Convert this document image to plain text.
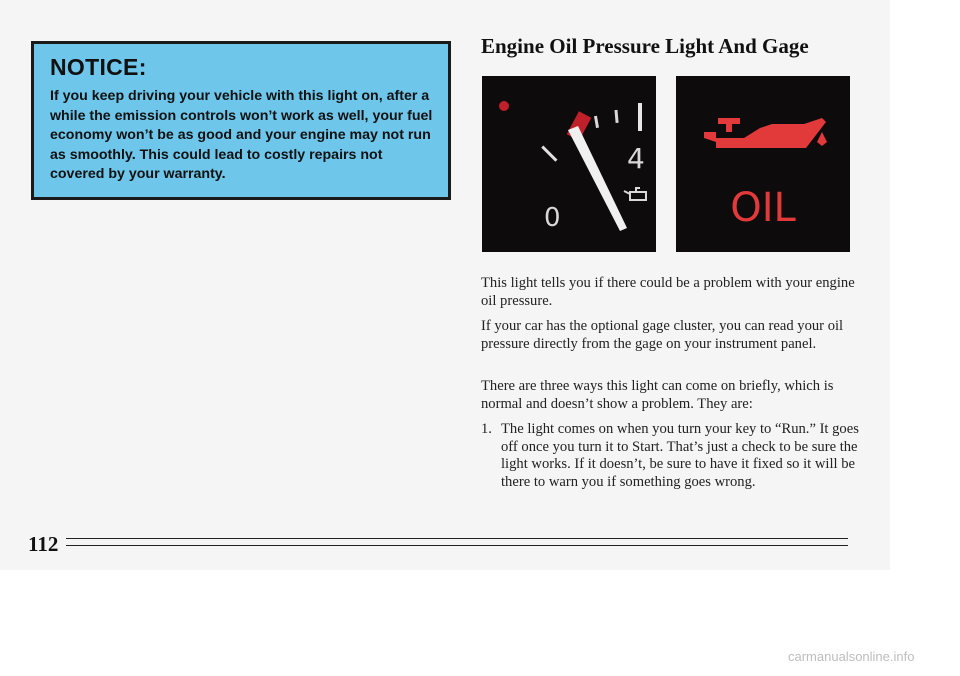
NOTICE:

If you keep driving your vehicle with this light on, after a while the emission controls won’t work as well, your fuel economy won’t be as good and your engine may not run as smoothly. This could lead to costly repairs not covered by your warranty.

Engine Oil Pressure Light And Gage
0
4
OIL

This light tells you if there could be a problem with your engine oil pressure.

If your car has the optional gage cluster, you can read your oil pressure directly from the gage on your instrument panel.

There are three ways this light can come on briefly, which is normal and doesn’t show a problem. They are:

1. The light comes on when you turn your key to “Run.” It goes off once you turn it to Start. That’s just a check to be sure the light works. If it doesn’t, be sure to have it fixed so it will be there to warn you if something goes wrong.
112
carmanualsonline.info
